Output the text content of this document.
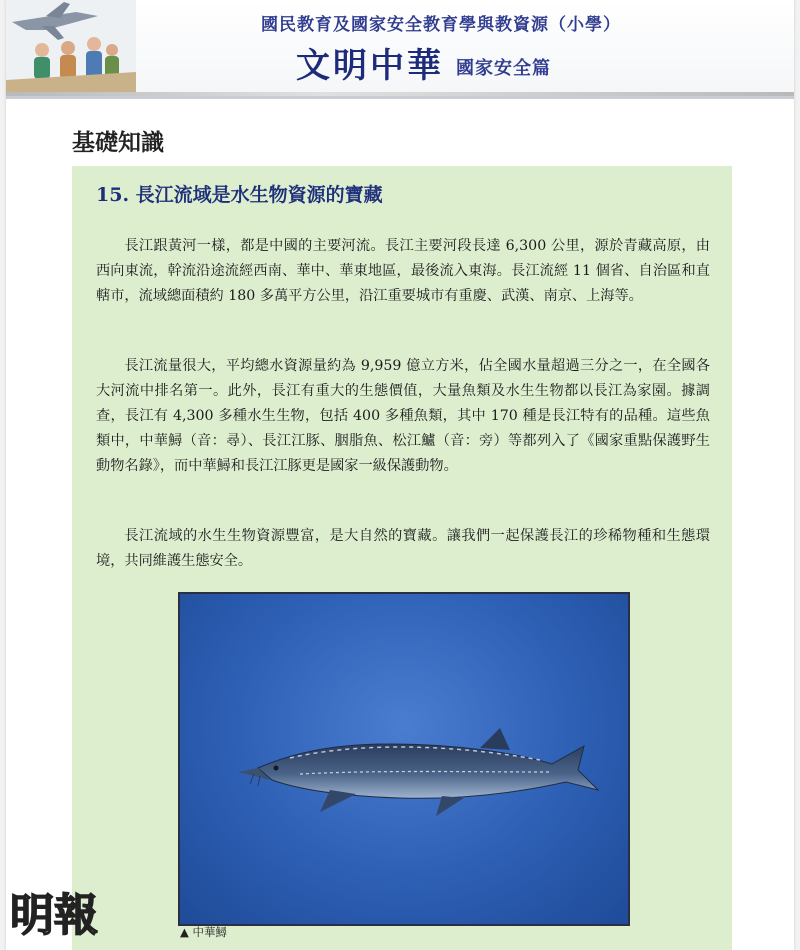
國民教育及國家安全教育學與教資源（小學）
文明中華 國家安全篇
基礎知識
15. 長江流域是水生物資源的寶藏

長江跟黃河一樣，都是中國的主要河流。長江主要河段長達 6,300 公里，源於青藏高原，由西向東流，幹流沿途流經西南、華中、華東地區，最後流入東海。長江流經 11 個省、自治區和直轄市，流域總面積約 180 多萬平方公里，沿江重要城市有重慶、武漢、南京、上海等。

長江流量很大，平均總水資源量約為 9,959 億立方米，佔全國水量超過三分之一，在全國各大河流中排名第一。此外，長江有重大的生態價值，大量魚類及水生生物都以長江為家園。據調查，長江有 4,300 多種水生生物，包括 400 多種魚類，其中 170 種是長江特有的品種。這些魚類中，中華鱘（音：尋）、長江江豚、胭脂魚、松江鱸（音：旁）等都列入了《國家重點保護野生動物名錄》，而中華鱘和長江江豚更是國家一級保護動物。

長江流域的水生生物資源豐富，是大自然的寶藏。讓我們一起保護長江的珍稀物種和生態環境，共同維護生態安全。

▲ 中華鱘
明報
